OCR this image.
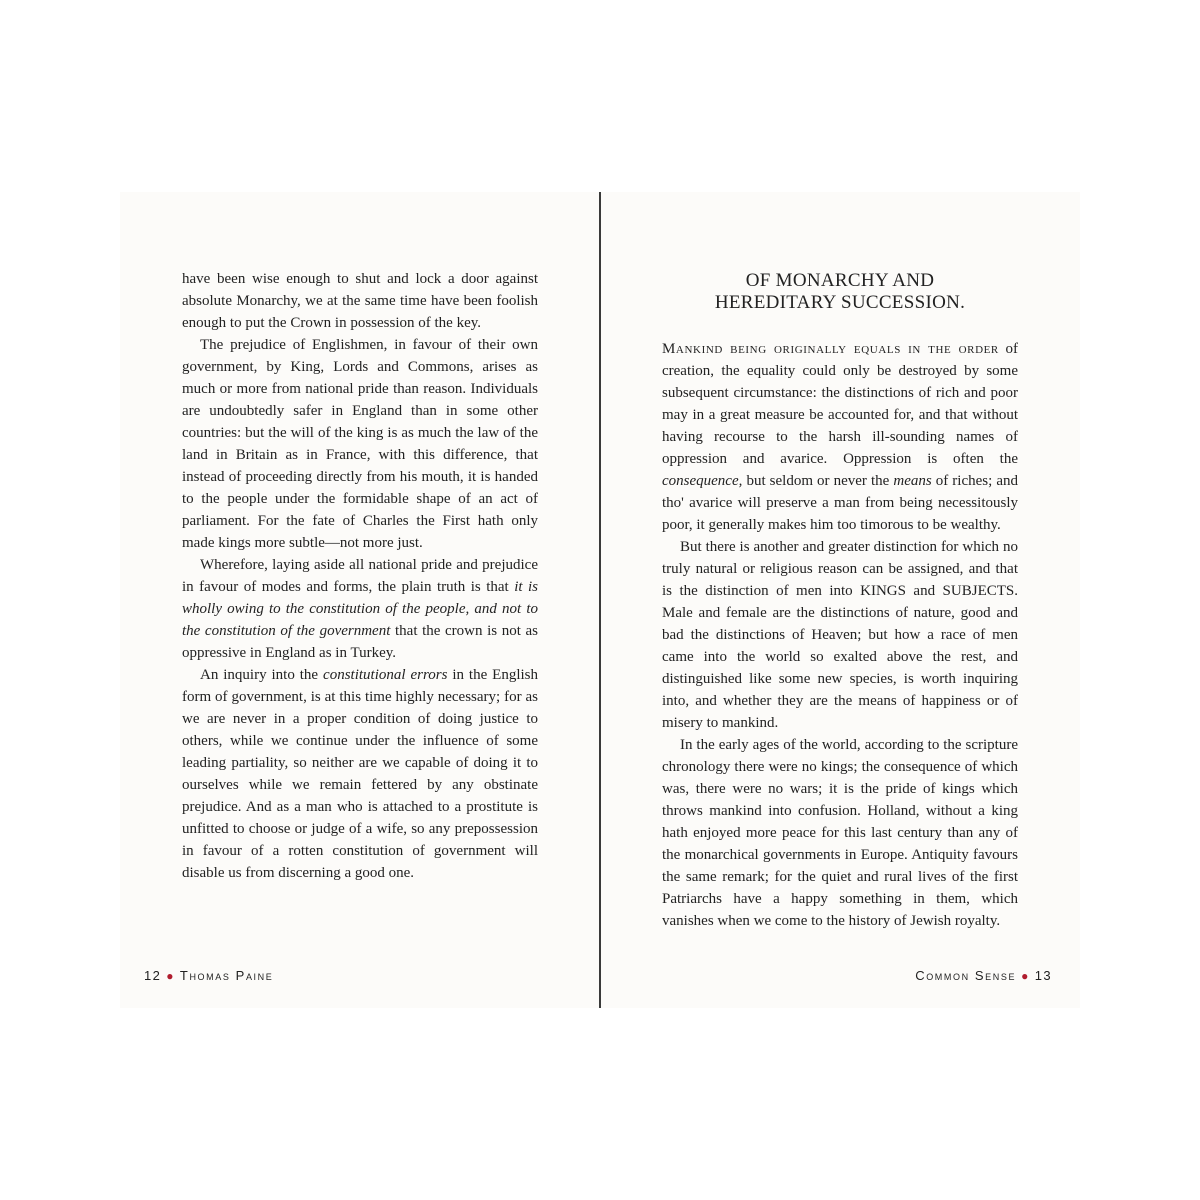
have been wise enough to shut and lock a door against absolute Monarchy, we at the same time have been foolish enough to put the Crown in possession of the key.

The prejudice of Englishmen, in favour of their own government, by King, Lords and Commons, arises as much or more from national pride than reason. Individuals are undoubtedly safer in England than in some other countries: but the will of the king is as much the law of the land in Britain as in France, with this difference, that instead of proceeding directly from his mouth, it is handed to the people under the formidable shape of an act of parliament. For the fate of Charles the First hath only made kings more subtle—not more just.

Wherefore, laying aside all national pride and prejudice in favour of modes and forms, the plain truth is that it is wholly owing to the constitution of the people, and not to the constitution of the government that the crown is not as oppressive in England as in Turkey.

An inquiry into the constitutional errors in the English form of government, is at this time highly necessary; for as we are never in a proper condition of doing justice to others, while we continue under the influence of some leading partiality, so neither are we capable of doing it to ourselves while we remain fettered by any obstinate prejudice. And as a man who is attached to a prostitute is unfitted to choose or judge of a wife, so any prepossession in favour of a rotten constitution of government will disable us from discerning a good one.

12 ● Thomas Paine
OF MONARCHY AND
HEREDITARY SUCCESSION.

Mankind being originally equals in the order of creation, the equality could only be destroyed by some subsequent circumstance: the distinctions of rich and poor may in a great measure be accounted for, and that without having recourse to the harsh ill-sounding names of oppression and avarice. Oppression is often the consequence, but seldom or never the means of riches; and tho' avarice will preserve a man from being necessitously poor, it generally makes him too timorous to be wealthy.

But there is another and greater distinction for which no truly natural or religious reason can be assigned, and that is the distinction of men into KINGS and SUBJECTS. Male and female are the distinctions of nature, good and bad the distinctions of Heaven; but how a race of men came into the world so exalted above the rest, and distinguished like some new species, is worth inquiring into, and whether they are the means of happiness or of misery to mankind.

In the early ages of the world, according to the scripture chronology there were no kings; the consequence of which was, there were no wars; it is the pride of kings which throws mankind into confusion. Holland, without a king hath enjoyed more peace for this last century than any of the monarchical governments in Europe. Antiquity favours the same remark; for the quiet and rural lives of the first Patriarchs have a happy something in them, which vanishes when we come to the history of Jewish royalty.

Common Sense ● 13
